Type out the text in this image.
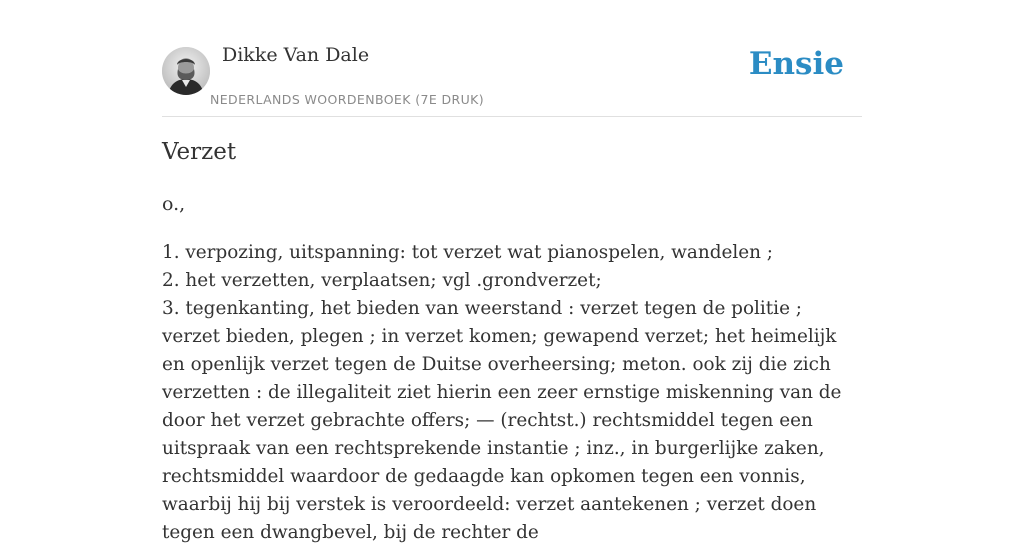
Dikke Van Dale
NEDERLANDS WOORDENBOEK (7E DRUK)
Ensie
Verzet
o.,
1. verpozing, uitspanning: tot verzet wat pianospelen, wandelen ;
2. het verzetten, verplaatsen; vgl .grondverzet;
3. tegenkanting, het bieden van weerstand : verzet tegen de politie ; verzet bieden, plegen ; in verzet komen; gewapend verzet; het heimelijk en openlijk verzet tegen de Duitse overheersing; meton. ook zij die zich verzetten : de illegaliteit ziet hierin een zeer ernstige miskenning van de door het verzet gebrachte offers; — (rechtst.) rechtsmiddel tegen een uitspraak van een rechtsprekende instantie ; inz., in burgerlijke zaken, rechtsmiddel waardoor de gedaagde kan opkomen tegen een vonnis, waarbij hij bij verstek is veroordeeld: verzet aantekenen ; verzet doen tegen een dwangbevel, bij de rechter de
